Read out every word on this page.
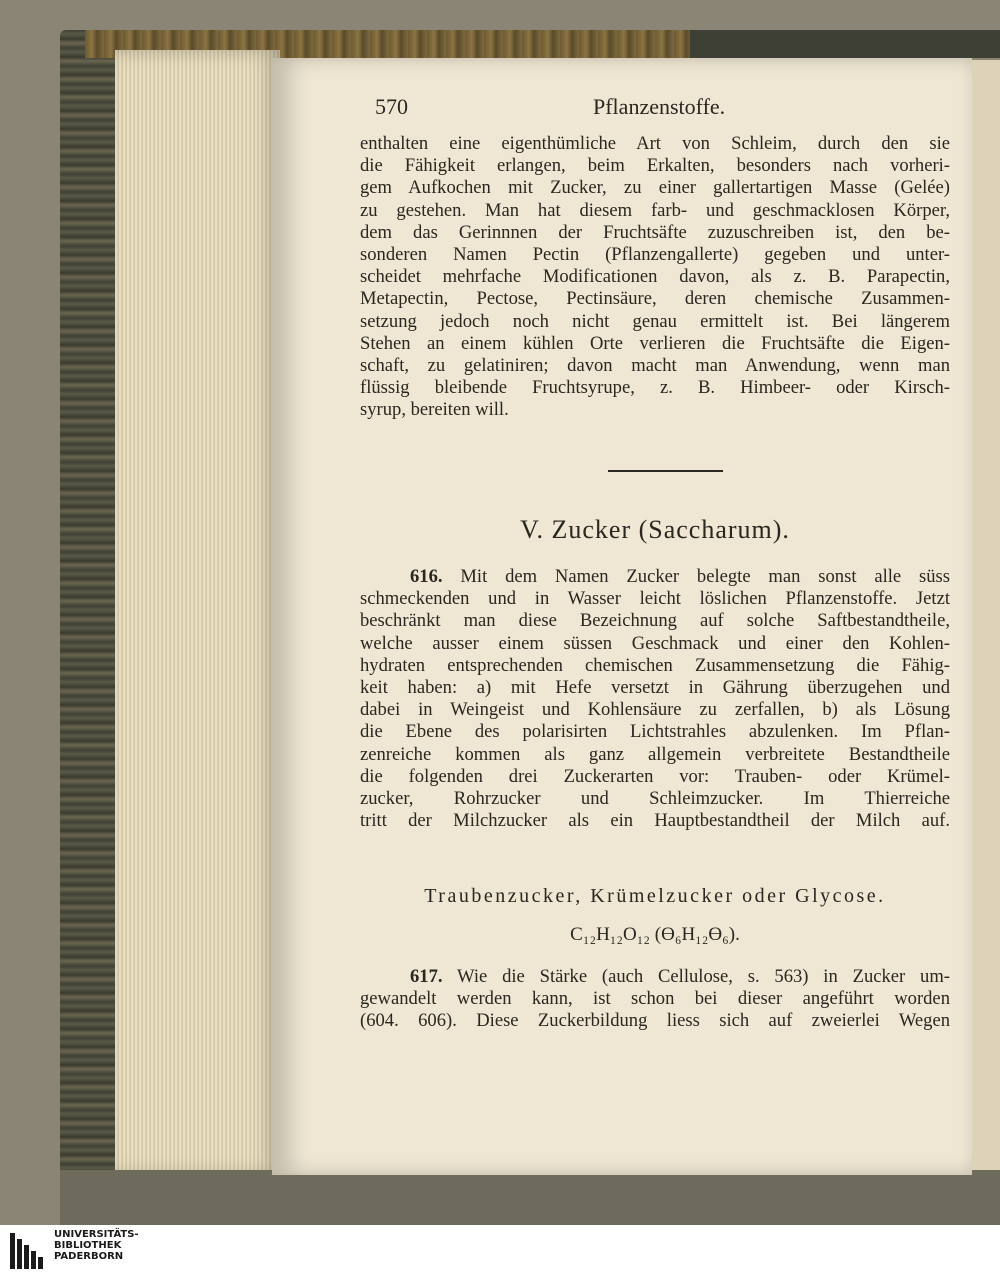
570	Pflanzenstoffe.
enthalten eine eigenthümliche Art von Schleim, durch den sie
die Fähigkeit erlangen, beim Erkalten, besonders nach vorheri-
gem Aufkochen mit Zucker, zu einer gallertartigen Masse (Gelée)
zu gestehen. Man hat diesem farb- und geschmacklosen Körper,
dem das Gerinnnen der Fruchtsäfte zuzuschreiben ist, den be-
sonderen Namen Pectin (Pflanzengallerte) gegeben und unter-
scheidet mehrfache Modificationen davon, als z. B. Parapectin,
Metapectin, Pectose, Pectinsäure, deren chemische Zusammen-
setzung jedoch noch nicht genau ermittelt ist. Bei längerem
Stehen an einem kühlen Orte verlieren die Fruchtsäfte die Eigen-
schaft, zu gelatiniren; davon macht man Anwendung, wenn man
flüssig bleibende Fruchtsyrupe, z. B. Himbeer- oder Kirsch-
syrup, bereiten will.
V. Zucker (Saccharum).
616. Mit dem Namen Zucker belegte man sonst alle süss
schmeckenden und in Wasser leicht löslichen Pflanzenstoffe. Jetzt
beschränkt man diese Bezeichnung auf solche Saftbestandtheile,
welche ausser einem süssen Geschmack und einer den Kohlen-
hydraten entsprechenden chemischen Zusammensetzung die Fähig-
keit haben: a) mit Hefe versetzt in Gährung überzugehen und
dabei in Weingeist und Kohlensäure zu zerfallen, b) als Lösung
die Ebene des polarisirten Lichtstrahles abzulenken. Im Pflan-
zenreiche kommen als ganz allgemein verbreitete Bestandtheile
die folgenden drei Zuckerarten vor: Trauben- oder Krümel-
zucker, Rohrzucker und Schleimzucker. Im Thierreiche
tritt der Milchzucker als ein Hauptbestandtheil der Milch auf.
Traubenzucker, Krümelzucker oder Glycose.
C₁₂H₁₂O₁₂ (Ɵ₆H₁₂Ɵ₆).
617. Wie die Stärke (auch Cellulose, s. 563) in Zucker um-
gewandelt werden kann, ist schon bei dieser angeführt worden
(604. 606). Diese Zuckerbildung liess sich auf zweierlei Wegen
UNIVERSITÄTS-
BIBLIOTHEK
PADERBORN
